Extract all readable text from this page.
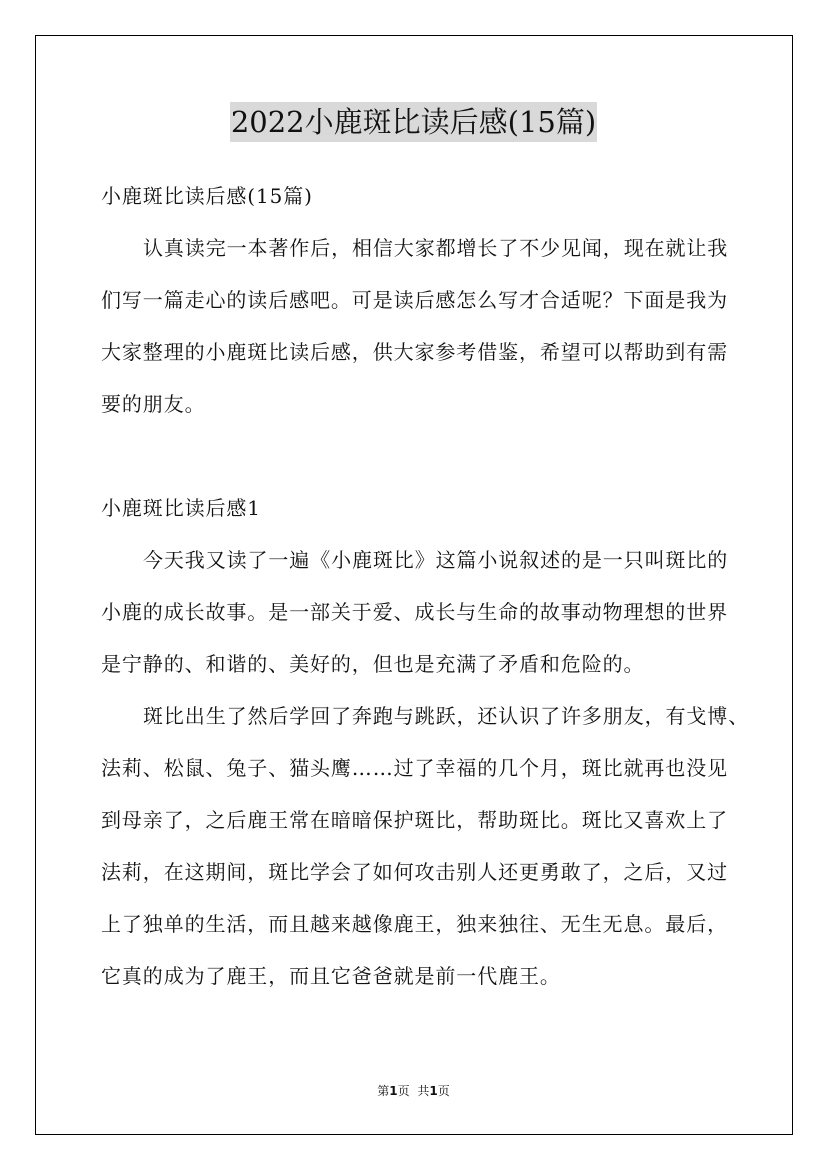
2022小鹿斑比读后感(15篇)
小鹿斑比读后感(15篇)
认真读完一本著作后，相信大家都增长了不少见闻，现在就让我
们写一篇走心的读后感吧。可是读后感怎么写才合适呢？下面是我为
大家整理的小鹿斑比读后感，供大家参考借鉴，希望可以帮助到有需
要的朋友。
小鹿斑比读后感1
今天我又读了一遍《小鹿斑比》这篇小说叙述的是一只叫斑比的
小鹿的成长故事。是一部关于爱、成长与生命的故事动物理想的世界
是宁静的、和谐的、美好的，但也是充满了矛盾和危险的。
斑比出生了然后学回了奔跑与跳跃，还认识了许多朋友，有戈博、
法莉、松鼠、兔子、猫头鹰……过了幸福的几个月，斑比就再也没见
到母亲了，之后鹿王常在暗暗保护斑比，帮助斑比。斑比又喜欢上了
法莉，在这期间，斑比学会了如何攻击别人还更勇敢了，之后，又过
上了独单的生活，而且越来越像鹿王，独来独往、无生无息。最后，
它真的成为了鹿王，而且它爸爸就是前一代鹿王。
第1页 共1页
